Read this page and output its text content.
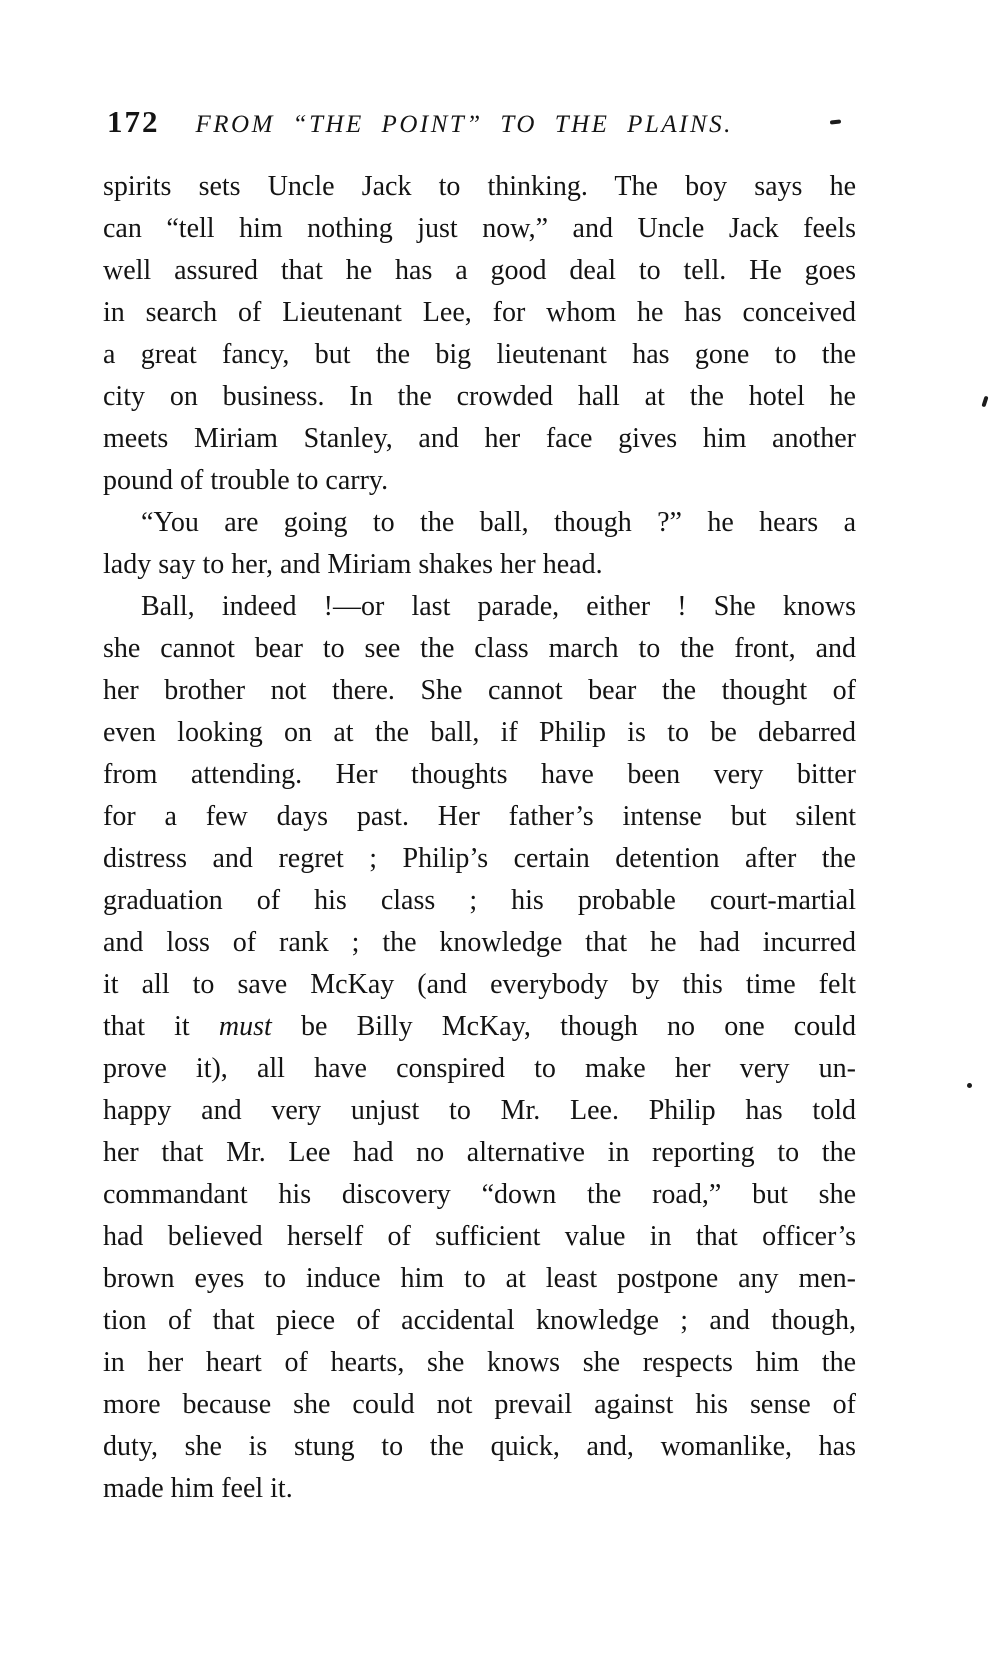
172 FROM “THE POINT” TO THE PLAINS.
spirits sets Uncle Jack to thinking. The boy says he
can “tell him nothing just now,” and Uncle Jack feels
well assured that he has a good deal to tell. He goes
in search of Lieutenant Lee, for whom he has conceived
a great fancy, but the big lieutenant has gone to the
city on business. In the crowded hall at the hotel he
meets Miriam Stanley, and her face gives him another
pound of trouble to carry.
“You are going to the ball, though ?” he hears a
lady say to her, and Miriam shakes her head.
Ball, indeed !—or last parade, either ! She knows
she cannot bear to see the class march to the front, and
her brother not there. She cannot bear the thought of
even looking on at the ball, if Philip is to be debarred
from attending. Her thoughts have been very bitter
for a few days past. Her father’s intense but silent
distress and regret ; Philip’s certain detention after the
graduation of his class ; his probable court-martial
and loss of rank ; the knowledge that he had incurred
it all to save McKay (and everybody by this time felt
that it must be Billy McKay, though no one could
prove it), all have conspired to make her very un-
happy and very unjust to Mr. Lee. Philip has told
her that Mr. Lee had no alternative in reporting to the
commandant his discovery “down the road,” but she
had believed herself of sufficient value in that officer’s
brown eyes to induce him to at least postpone any men-
tion of that piece of accidental knowledge ; and though,
in her heart of hearts, she knows she respects him the
more because she could not prevail against his sense of
duty, she is stung to the quick, and, womanlike, has
made him feel it.
